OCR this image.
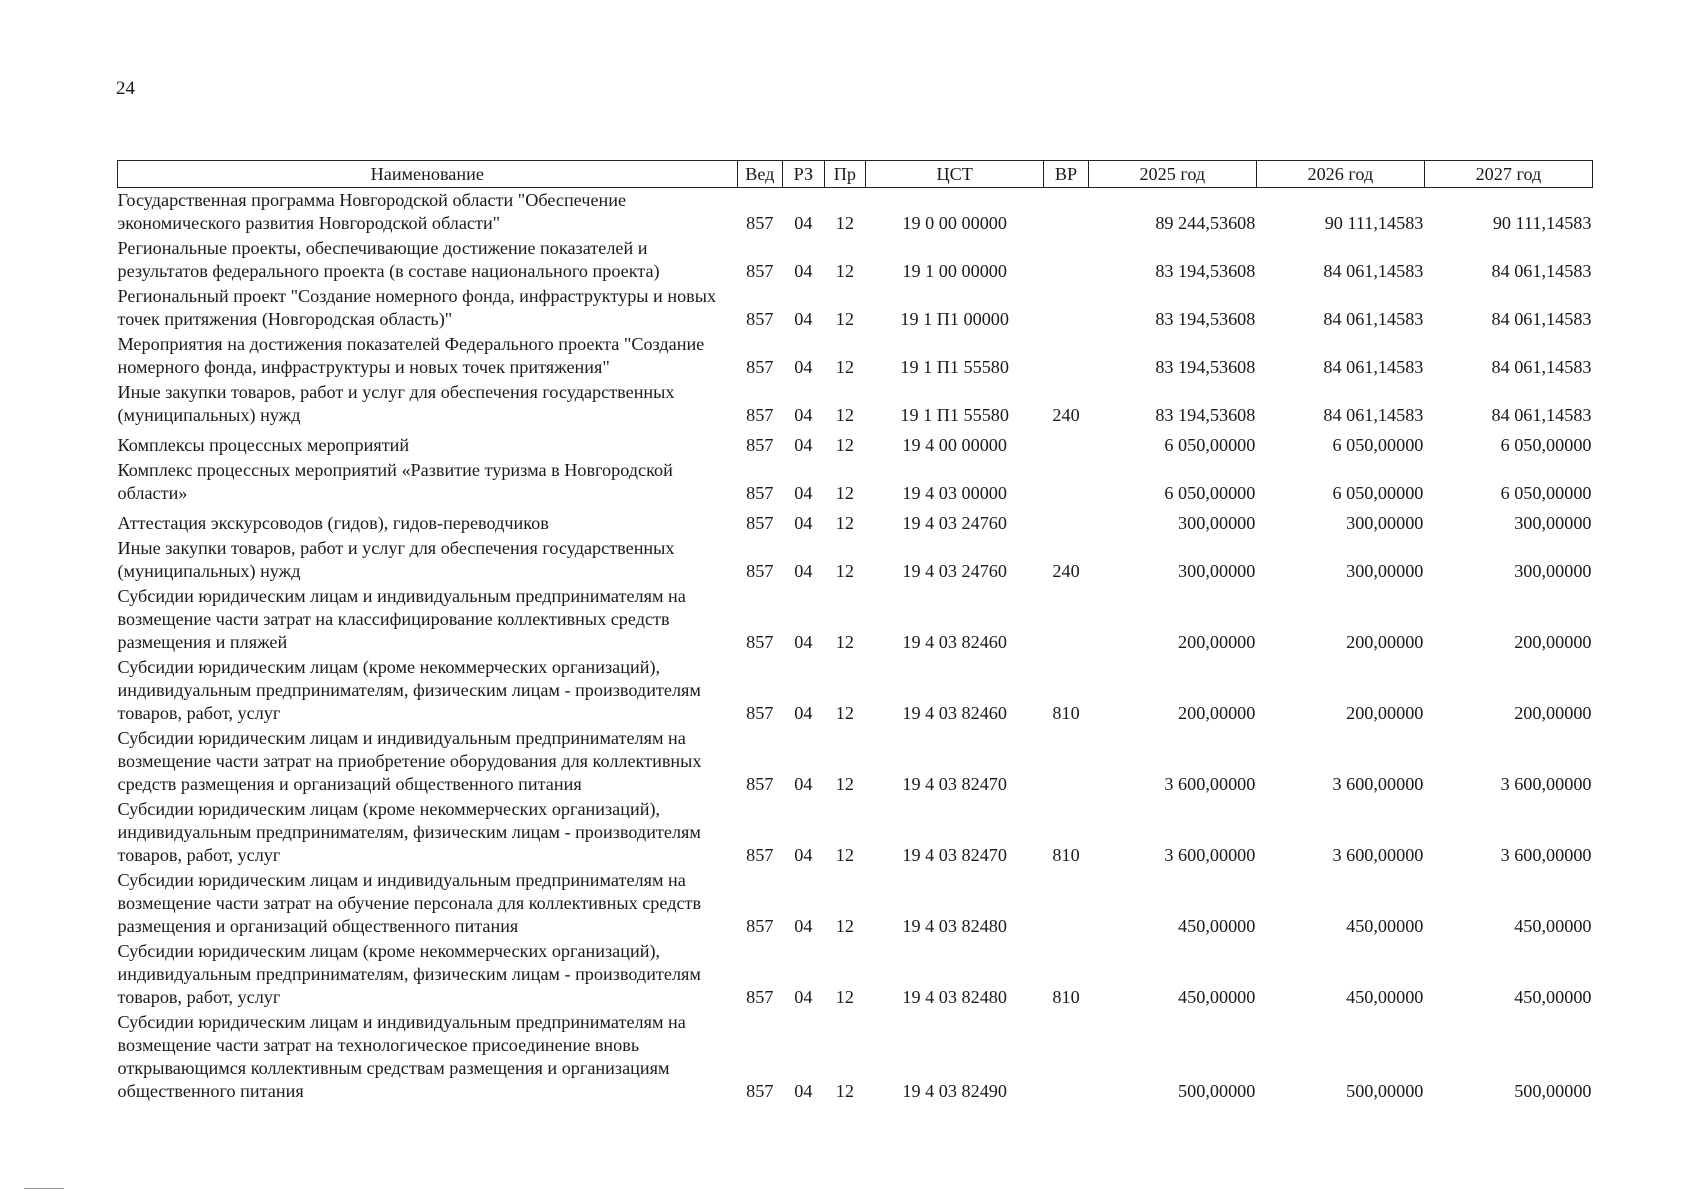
24
Наименование	Вед	РЗ	Пр	ЦСТ	ВР	2025 год	2026 год	2027 год
Государственная программа Новгородской области "Обеспечение экономического развития Новгородской области"	857	04	12	19 0 00 00000		89 244,53608	90 111,14583	90 111,14583
Региональные проекты, обеспечивающие достижение показателей и результатов федерального проекта (в составе национального проекта)	857	04	12	19 1 00 00000		83 194,53608	84 061,14583	84 061,14583
Региональный проект "Создание номерного фонда, инфраструктуры и новых точек притяжения (Новгородская область)"	857	04	12	19 1 П1 00000		83 194,53608	84 061,14583	84 061,14583
Мероприятия на достижения показателей Федерального проекта "Создание номерного фонда, инфраструктуры и новых точек притяжения"	857	04	12	19 1 П1 55580		83 194,53608	84 061,14583	84 061,14583
Иные закупки товаров, работ и услуг для обеспечения государственных (муниципальных) нужд	857	04	12	19 1 П1 55580	240	83 194,53608	84 061,14583	84 061,14583
Комплексы процессных мероприятий	857	04	12	19 4 00 00000		6 050,00000	6 050,00000	6 050,00000
Комплекс процессных мероприятий «Развитие туризма в Новгородской области»	857	04	12	19 4 03 00000		6 050,00000	6 050,00000	6 050,00000
Аттестация экскурсоводов (гидов), гидов-переводчиков	857	04	12	19 4 03 24760		300,00000	300,00000	300,00000
Иные закупки товаров, работ и услуг для обеспечения государственных (муниципальных) нужд	857	04	12	19 4 03 24760	240	300,00000	300,00000	300,00000
Субсидии юридическим лицам и индивидуальным предпринимателям на возмещение части затрат на классифицирование коллективных средств размещения и пляжей	857	04	12	19 4 03 82460		200,00000	200,00000	200,00000
Субсидии юридическим лицам (кроме некоммерческих организаций), индивидуальным предпринимателям, физическим лицам - производителям товаров, работ, услуг	857	04	12	19 4 03 82460	810	200,00000	200,00000	200,00000
Субсидии юридическим лицам и индивидуальным предпринимателям на возмещение части затрат на приобретение оборудования для коллективных средств размещения и организаций общественного питания	857	04	12	19 4 03 82470		3 600,00000	3 600,00000	3 600,00000
Субсидии юридическим лицам (кроме некоммерческих организаций), индивидуальным предпринимателям, физическим лицам - производителям товаров, работ, услуг	857	04	12	19 4 03 82470	810	3 600,00000	3 600,00000	3 600,00000
Субсидии юридическим лицам и индивидуальным предпринимателям на возмещение части затрат на обучение персонала для коллективных средств размещения и организаций общественного питания	857	04	12	19 4 03 82480		450,00000	450,00000	450,00000
Субсидии юридическим лицам (кроме некоммерческих организаций), индивидуальным предпринимателям, физическим лицам - производителям товаров, работ, услуг	857	04	12	19 4 03 82480	810	450,00000	450,00000	450,00000
Субсидии юридическим лицам и индивидуальным предпринимателям на возмещение части затрат на технологическое присоединение вновь открывающимся коллективным средствам размещения и организациям общественного питания	857	04	12	19 4 03 82490		500,00000	500,00000	500,00000
